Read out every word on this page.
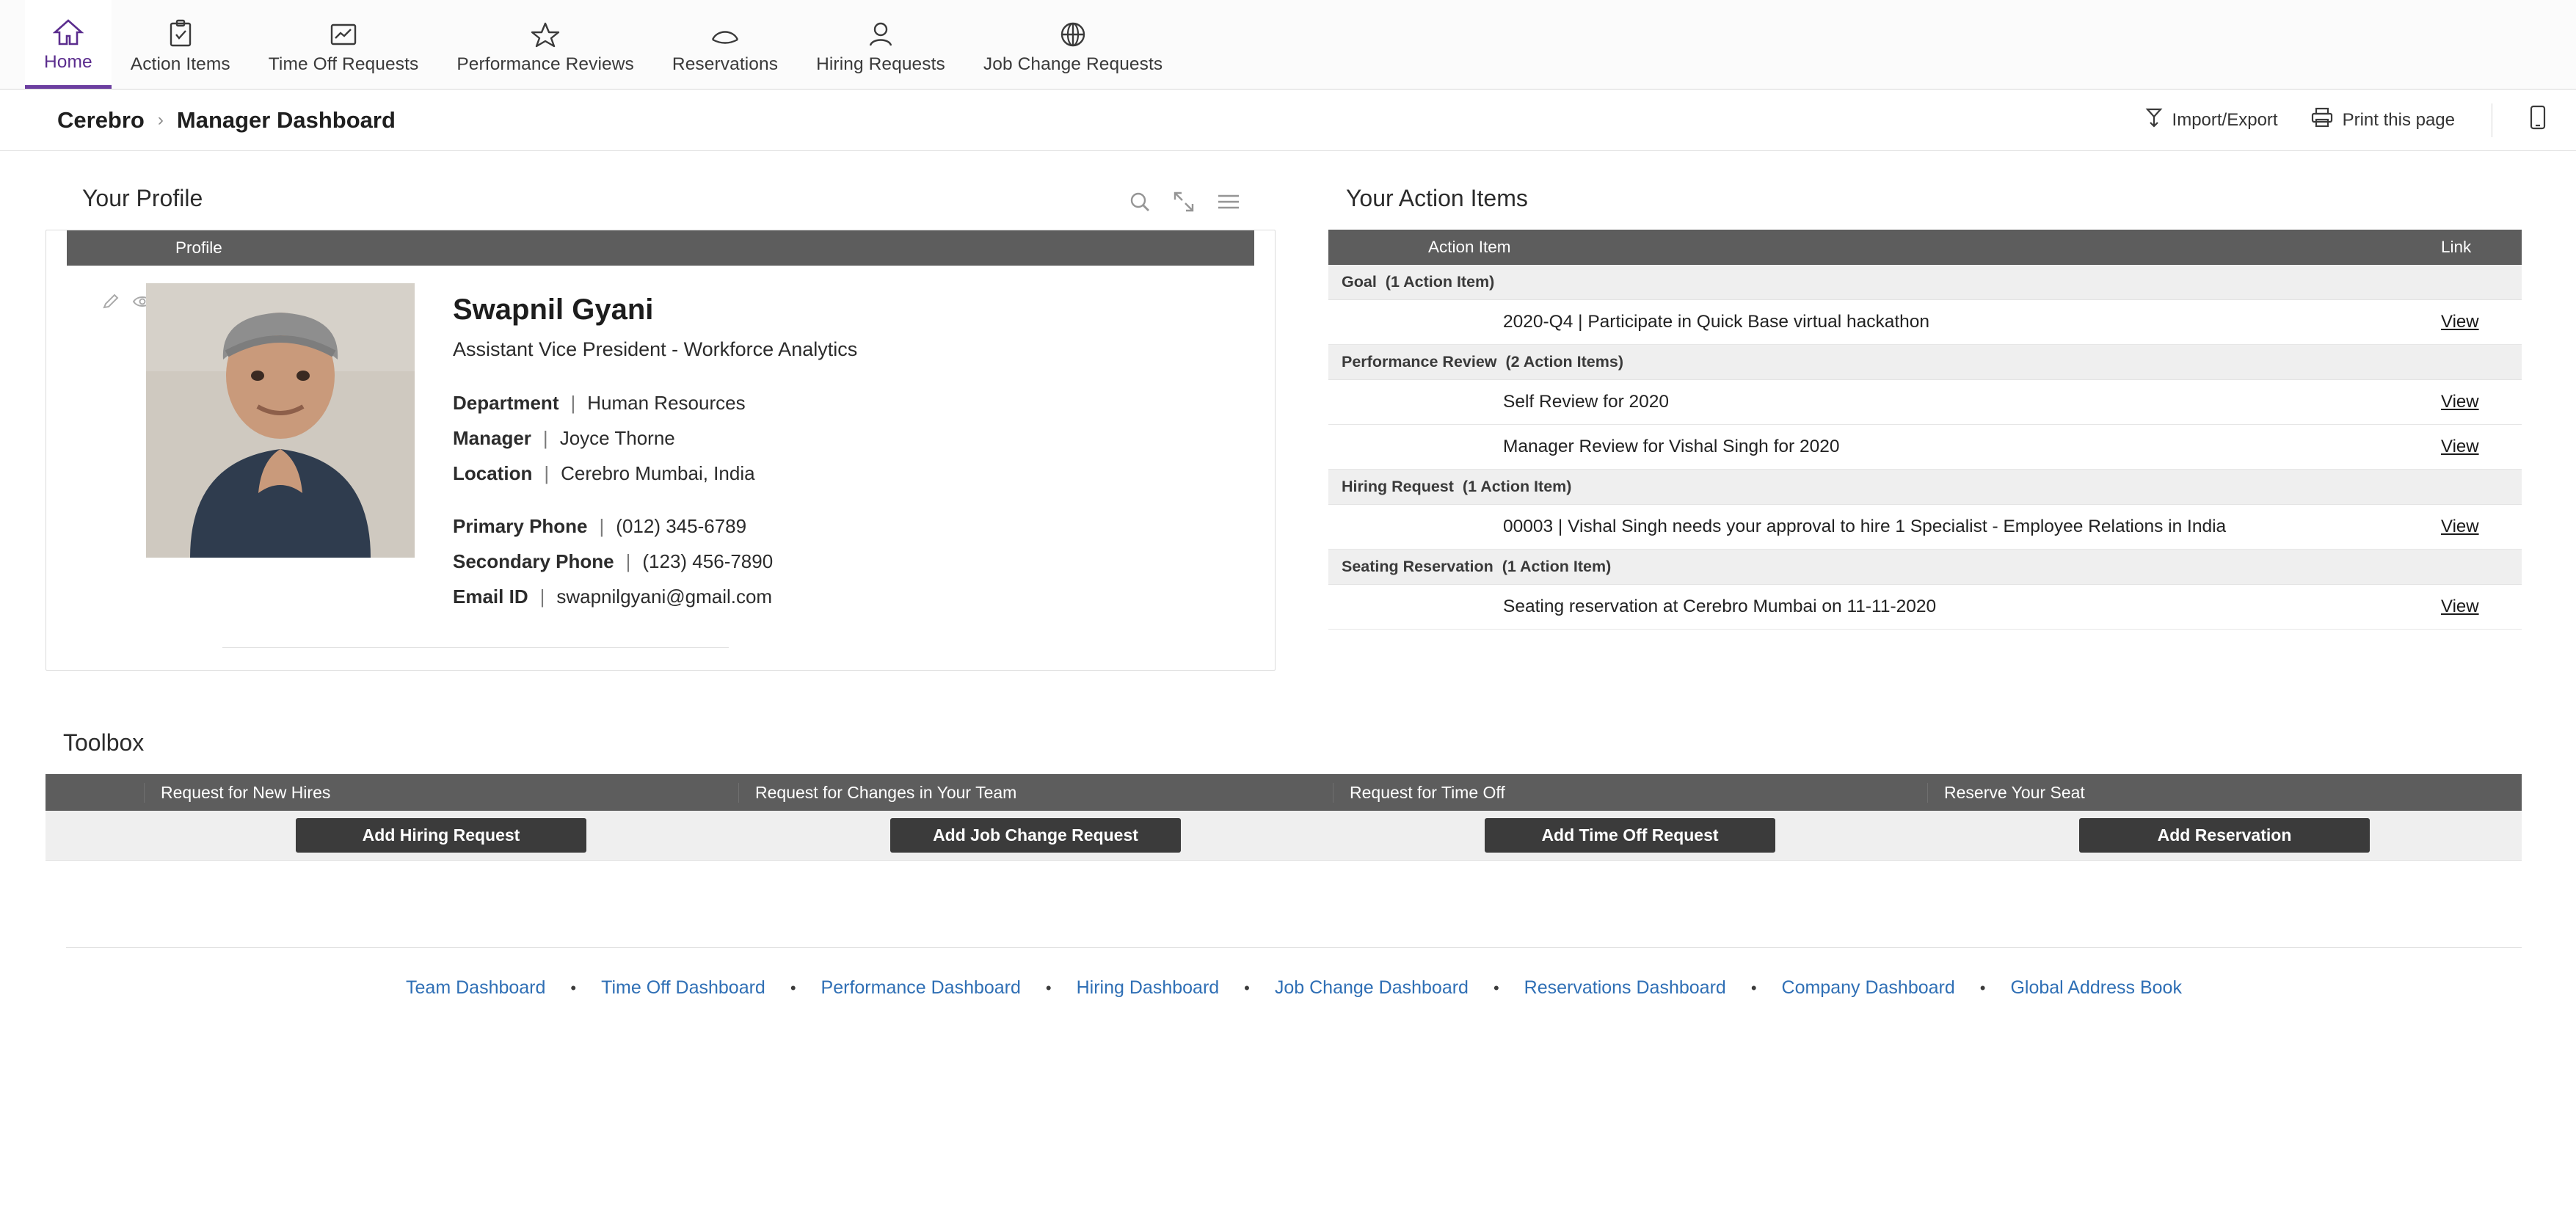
Home Action Items Time Off Requests Performance Reviews Reservations Hiring Requests Job Change Requests
Cerebro › Manager Dashboard	Import/Export	Print this page
Your Profile
Profile
Swapnil Gyani
Assistant Vice President - Workforce Analytics
Department | Human Resources
Manager | Joyce Thorne
Location | Cerebro Mumbai, India
Primary Phone | (012) 345-6789
Secondary Phone | (123) 456-7890
Email ID | swapnilgyani@gmail.com
Your Action Items
	Action Item	Link
Goal (1 Action Item)		
	2020-Q4 | Participate in Quick Base virtual hackathon	View
Performance Review (2 Action Items)		
	Self Review for 2020	View
	Manager Review for Vishal Singh for 2020	View
Hiring Request (1 Action Item)		
	00003 | Vishal Singh needs your approval to hire 1 Specialist - Employee Relations in India	View
Seating Reservation (1 Action Item)		
	Seating reservation at Cerebro Mumbai on 11-11-2020	View
Toolbox
Request for New Hires	Request for Changes in Your Team	Request for Time Off	Reserve Your Seat
Add Hiring Request	Add Job Change Request	Add Time Off Request	Add Reservation
Team Dashboard • Time Off Dashboard • Performance Dashboard • Hiring Dashboard • Job Change Dashboard • Reservations Dashboard • Company Dashboard • Global Address Book
